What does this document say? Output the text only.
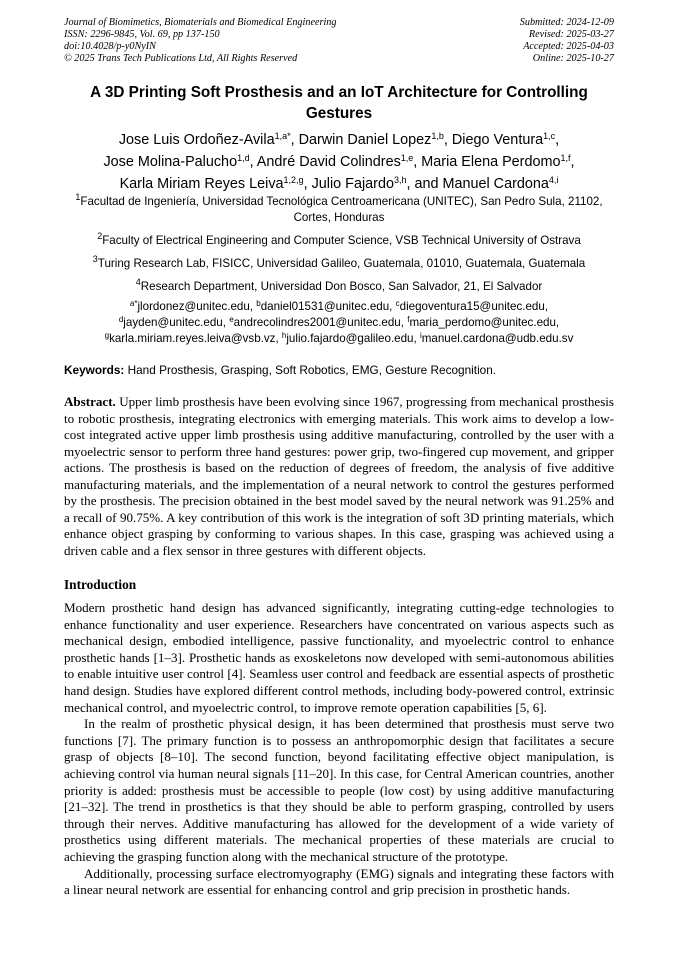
Journal of Biomimetics, Biomaterials and Biomedical Engineering
ISSN: 2296-9845, Vol. 69, pp 137-150
doi:10.4028/p-y0NyIN
© 2025 Trans Tech Publications Ltd, All Rights Reserved
Submitted: 2024-12-09
Revised: 2025-03-27
Accepted: 2025-04-03
Online: 2025-10-27
A 3D Printing Soft Prosthesis and an IoT Architecture for Controlling Gestures
Jose Luis Ordoñez-Avila$^{1,a*}$, Darwin Daniel Lopez$^{1,b}$, Diego Ventura$^{1,c}$,
Jose Molina-Palucho$^{1,d}$, André David Colindres$^{1,e}$, Maria Elena Perdomo$^{1,f}$,
Karla Miriam Reyes Leiva$^{1,2,g}$, Julio Fajardo$^{3,h}$, and Manuel Cardona$^{4,i}$

$^1$Facultad de Ingeniería, Universidad Tecnológica Centroamericana (UNITEC), San Pedro Sula, 21102, Cortes, Honduras

$^2$Faculty of Electrical Engineering and Computer Science, VSB Technical University of Ostrava

$^3$Turing Research Lab, FISICC, Universidad Galileo, Guatemala, 01010, Guatemala, Guatemala

$^4$Research Department, Universidad Don Bosco, San Salvador, 21, El Salvador

$^{a*}$jlordonez@unitec.edu, $^b$daniel01531@unitec.edu, $^c$diegoventura15@unitec.edu,
$^d$jayden@unitec.edu, $^e$andrecolindres2001@unitec.edu, $^f$maria_perdomo@unitec.edu,
$^g$karla.miriam.reyes.leiva@vsb.vz, $^h$julio.fajardo@galileo.edu, $^i$manuel.cardona@udb.edu.sv
Keywords: Hand Prosthesis, Grasping, Soft Robotics, EMG, Gesture Recognition.
Abstract. Upper limb prosthesis have been evolving since 1967, progressing from mechanical prosthesis to robotic prosthesis, integrating electronics with emerging materials. This work aims to develop a low-cost integrated active upper limb prosthesis using additive manufacturing, controlled by the user with a myoelectric sensor to perform three hand gestures: power grip, two-fingered cup movement, and gripper actions. The prosthesis is based on the reduction of degrees of freedom, the analysis of five additive manufacturing materials, and the implementation of a neural network to control the gestures performed by the prosthesis. The precision obtained in the best model saved by the neural network was 91.25% and a recall of 90.75%. A key contribution of this work is the integration of soft 3D printing materials, which enhance object grasping by conforming to various shapes. In this case, grasping was achieved using a driven cable and a flex sensor in three gestures with different objects.
Introduction

Modern prosthetic hand design has advanced significantly, integrating cutting-edge technologies to enhance functionality and user experience. Researchers have concentrated on various aspects such as mechanical design, embodied intelligence, passive functionality, and myoelectric control to enhance prosthetic hands [1–3]. Prosthetic hands as exoskeletons now developed with semi-autonomous abilities to enable intuitive user control [4]. Seamless user control and feedback are essential aspects of prosthetic hand design. Studies have explored different control methods, including body-powered control, extrinsic mechanical control, and myoelectric control, to improve remote operation capabilities [5, 6].

In the realm of prosthetic physical design, it has been determined that prosthesis must serve two functions [7]. The primary function is to possess an anthropomorphic design that facilitates a secure grasp of objects [8–10]. The second function, beyond facilitating effective object manipulation, is achieving control via human neural signals [11–20]. In this case, for Central American countries, another priority is added: prosthesis must be accessible to people (low cost) by using additive manufacturing [21–32]. The trend in prosthetics is that they should be able to perform grasping, controlled by users through their nerves. Additive manufacturing has allowed for the development of a wide variety of prosthetics using different materials. The mechanical properties of these materials are crucial to achieving the grasping function along with the mechanical structure of the prototype.

Additionally, processing surface electromyography (EMG) signals and integrating these factors with a linear neural network are essential for enhancing control and grip precision in prosthetic hands.
